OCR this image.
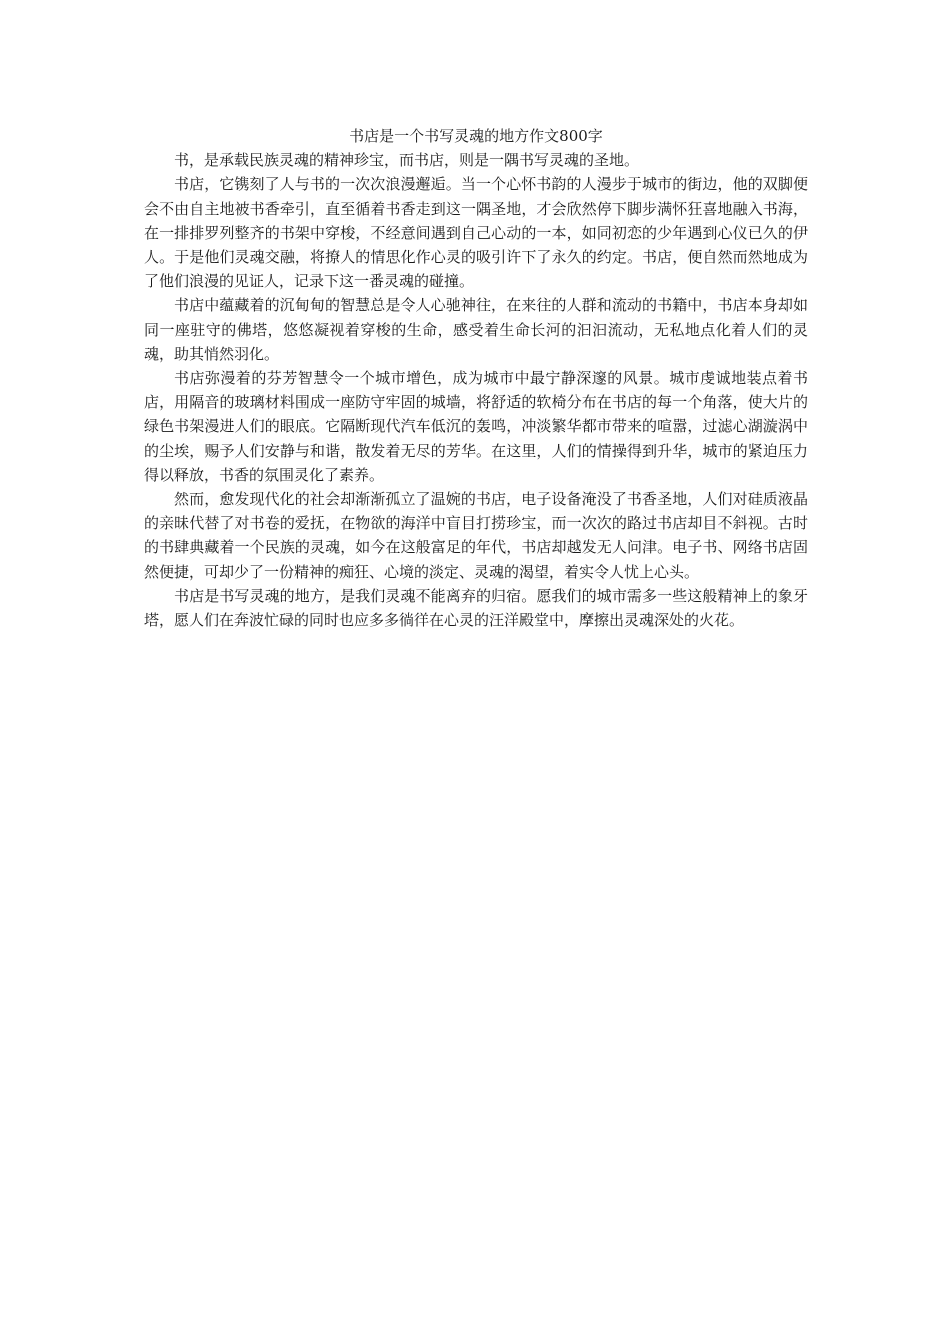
书店是一个书写灵魂的地方作文800字

书，是承载民族灵魂的精神珍宝，而书店，则是一隅书写灵魂的圣地。

书店，它镌刻了人与书的一次次浪漫邂逅。当一个心怀书韵的人漫步于城市的街边，他的双脚便会不由自主地被书香牵引，直至循着书香走到这一隅圣地，才会欣然停下脚步满怀狂喜地融入书海，在一排排罗列整齐的书架中穿梭，不经意间遇到自己心动的一本，如同初恋的少年遇到心仪已久的伊人。于是他们灵魂交融，将撩人的情思化作心灵的吸引许下了永久的约定。书店，便自然而然地成为了他们浪漫的见证人，记录下这一番灵魂的碰撞。

书店中蕴藏着的沉甸甸的智慧总是令人心驰神往，在来往的人群和流动的书籍中，书店本身却如同一座驻守的佛塔，悠悠凝视着穿梭的生命，感受着生命长河的汩汩流动，无私地点化着人们的灵魂，助其悄然羽化。

书店弥漫着的芬芳智慧令一个城市增色，成为城市中最宁静深邃的风景。城市虔诚地装点着书店，用隔音的玻璃材料围成一座防守牢固的城墙，将舒适的软椅分布在书店的每一个角落，使大片的绿色书架漫进人们的眼底。它隔断现代汽车低沉的轰鸣，冲淡繁华都市带来的喧嚣，过滤心湖漩涡中的尘埃，赐予人们安静与和谐，散发着无尽的芳华。在这里，人们的情操得到升华，城市的紧迫压力得以释放，书香的氛围灵化了素养。

然而，愈发现代化的社会却渐渐孤立了温婉的书店，电子设备淹没了书香圣地，人们对硅质液晶的亲昧代替了对书卷的爱抚，在物欲的海洋中盲目打捞珍宝，而一次次的路过书店却目不斜视。古时的书肆典藏着一个民族的灵魂，如今在这般富足的年代，书店却越发无人问津。电子书、网络书店固然便捷，可却少了一份精神的痴狂、心境的淡定、灵魂的渴望，着实令人忧上心头。

书店是书写灵魂的地方，是我们灵魂不能离弃的归宿。愿我们的城市需多一些这般精神上的象牙塔，愿人们在奔波忙碌的同时也应多多徜徉在心灵的汪洋殿堂中，摩擦出灵魂深处的火花。
